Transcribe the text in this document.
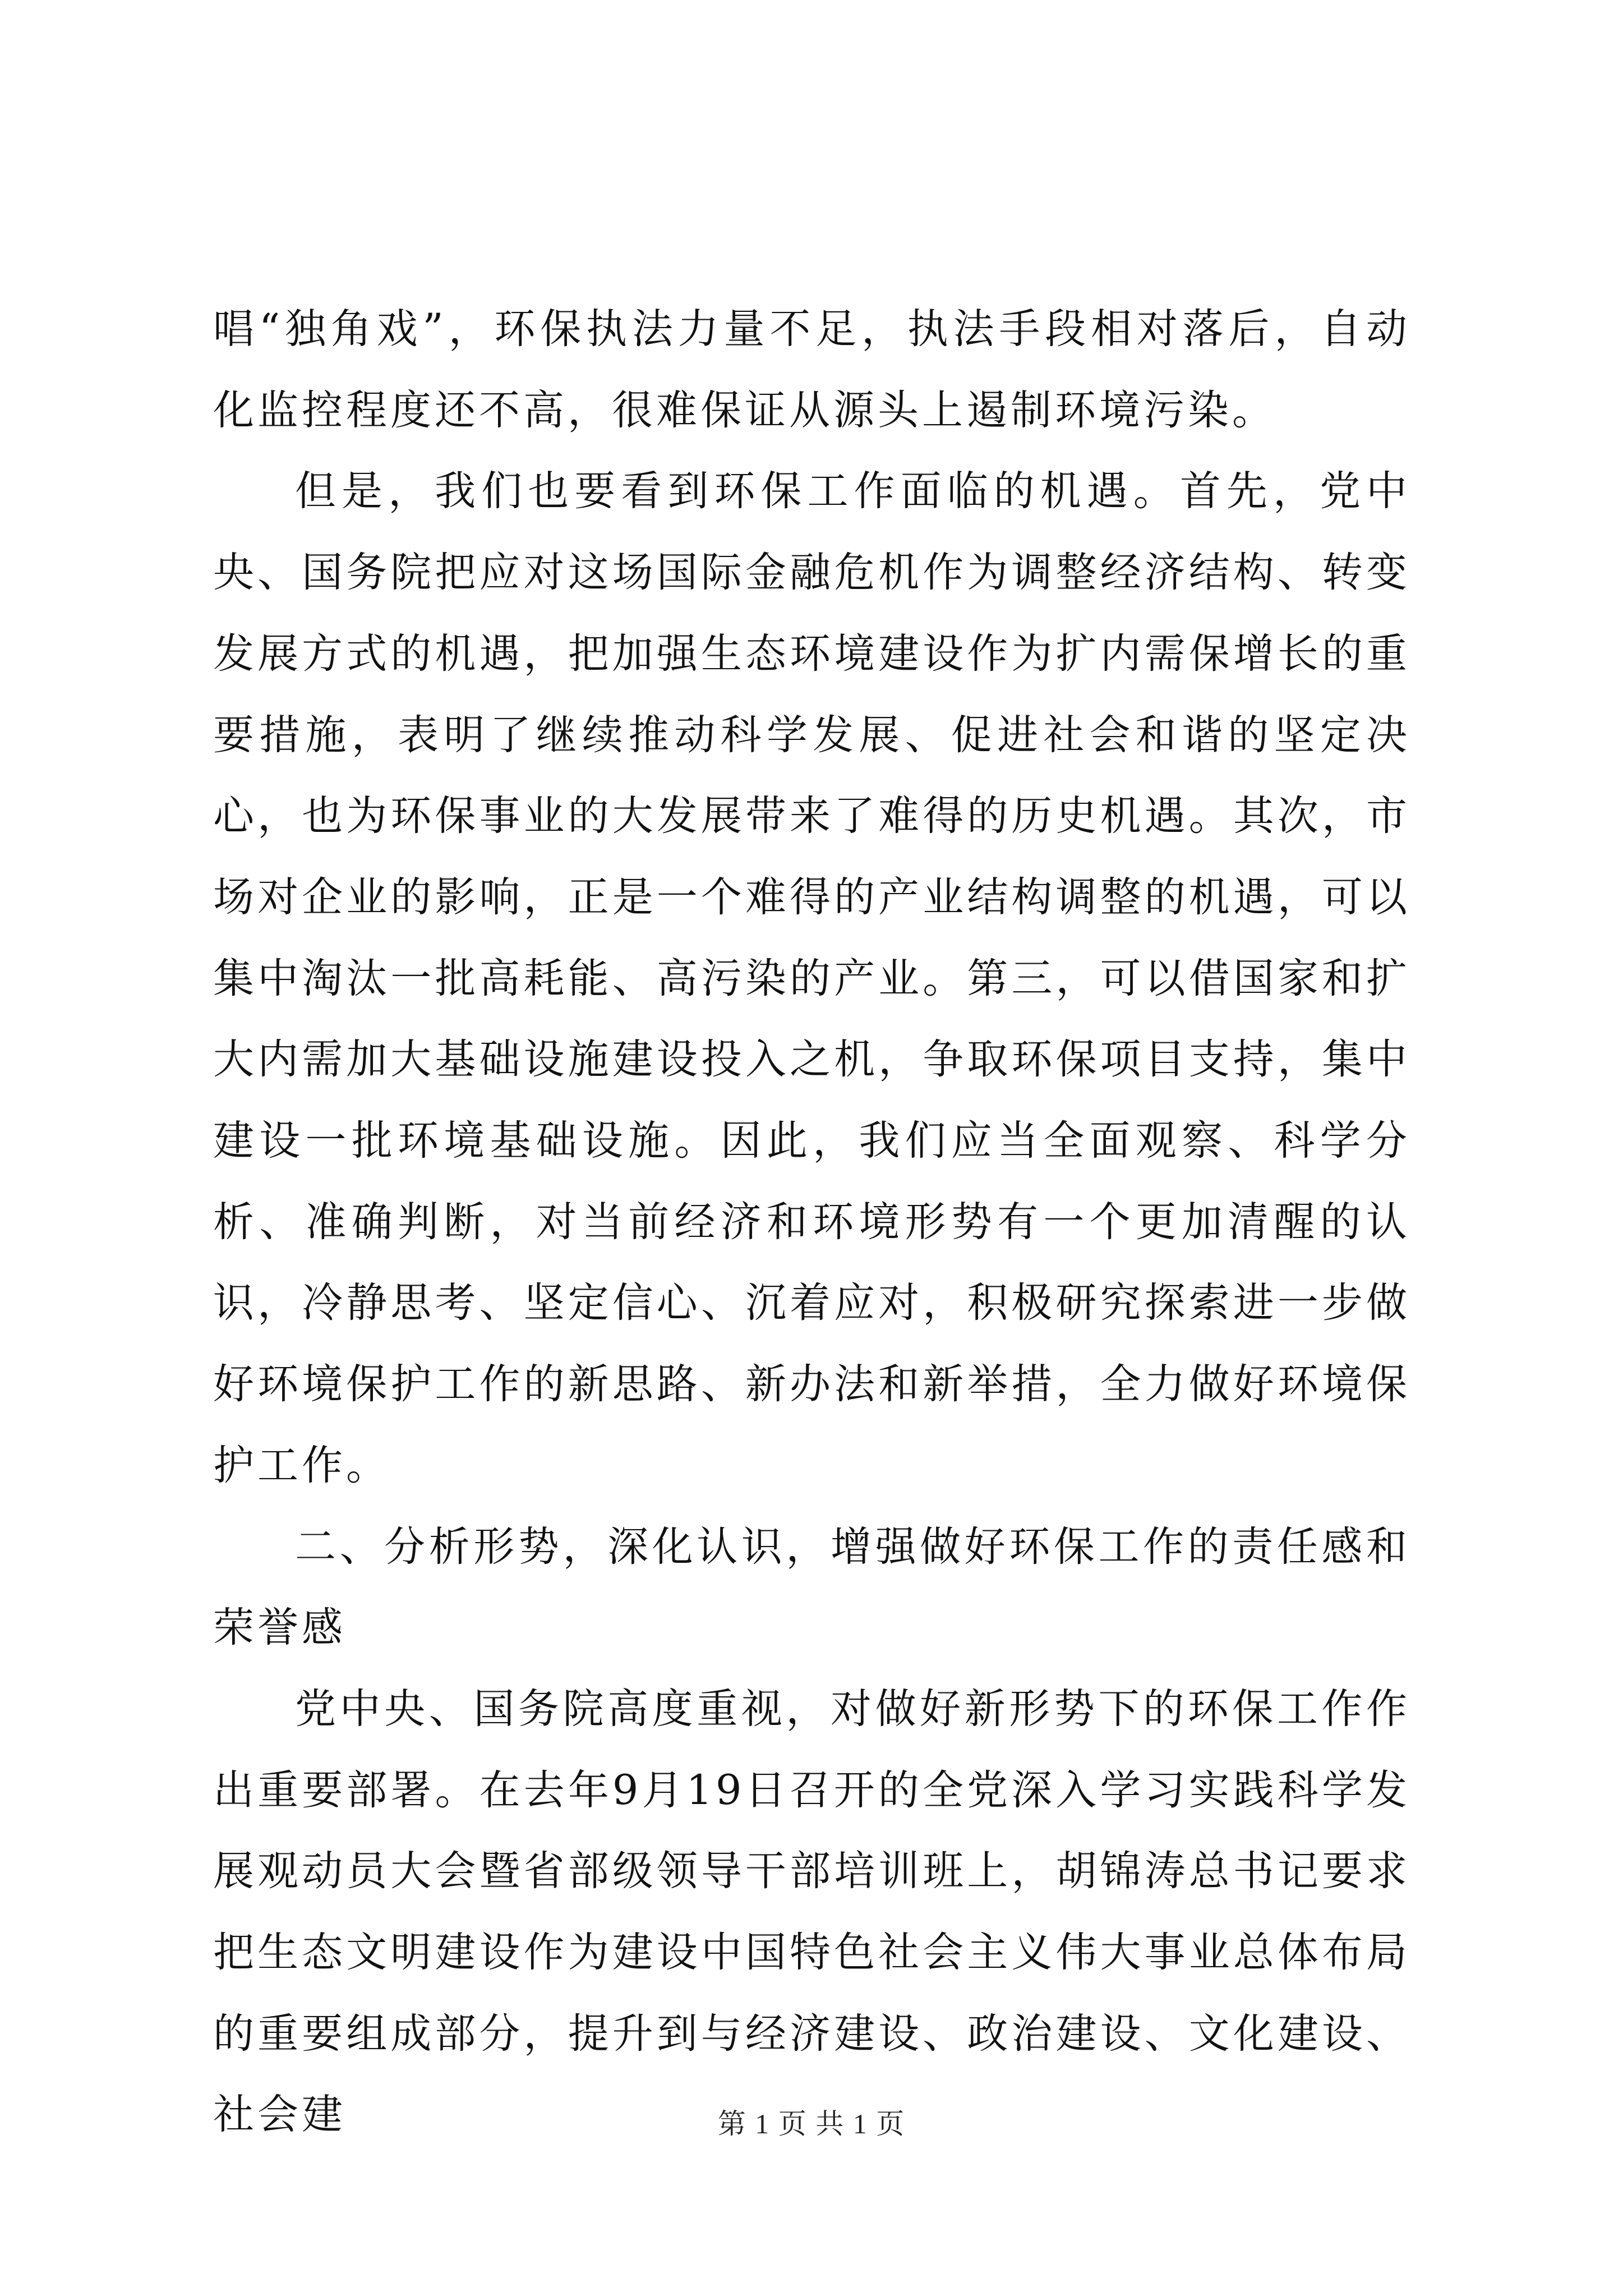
唱“独角戏”，环保执法力量不足，执法手段相对落后，自动化监控程度还不高，很难保证从源头上遏制环境污染。

但是，我们也要看到环保工作面临的机遇。首先，党中央、国务院把应对这场国际金融危机作为调整经济结构、转变发展方式的机遇，把加强生态环境建设作为扩内需保增长的重要措施，表明了继续推动科学发展、促进社会和谐的坚定决心，也为环保事业的大发展带来了难得的历史机遇。其次，市场对企业的影响，正是一个难得的产业结构调整的机遇，可以集中淘汰一批高耗能、高污染的产业。第三，可以借国家和扩大内需加大基础设施建设投入之机，争取环保项目支持，集中建设一批环境基础设施。因此，我们应当全面观察、科学分析、准确判断，对当前经济和环境形势有一个更加清醒的认识，冷静思考、坚定信心、沉着应对，积极研究探索进一步做好环境保护工作的新思路、新办法和新举措，全力做好环境保护工作。

二、分析形势，深化认识，增强做好环保工作的责任感和荣誉感

党中央、国务院高度重视，对做好新形势下的环保工作作出重要部署。在去年9月19日召开的全党深入学习实践科学发展观动员大会暨省部级领导干部培训班上，胡锦涛总书记要求把生态文明建设作为建设中国特色社会主义伟大事业总体布局的重要组成部分，提升到与经济建设、政治建设、文化建设、社会建	第 1 页 共 1 页
